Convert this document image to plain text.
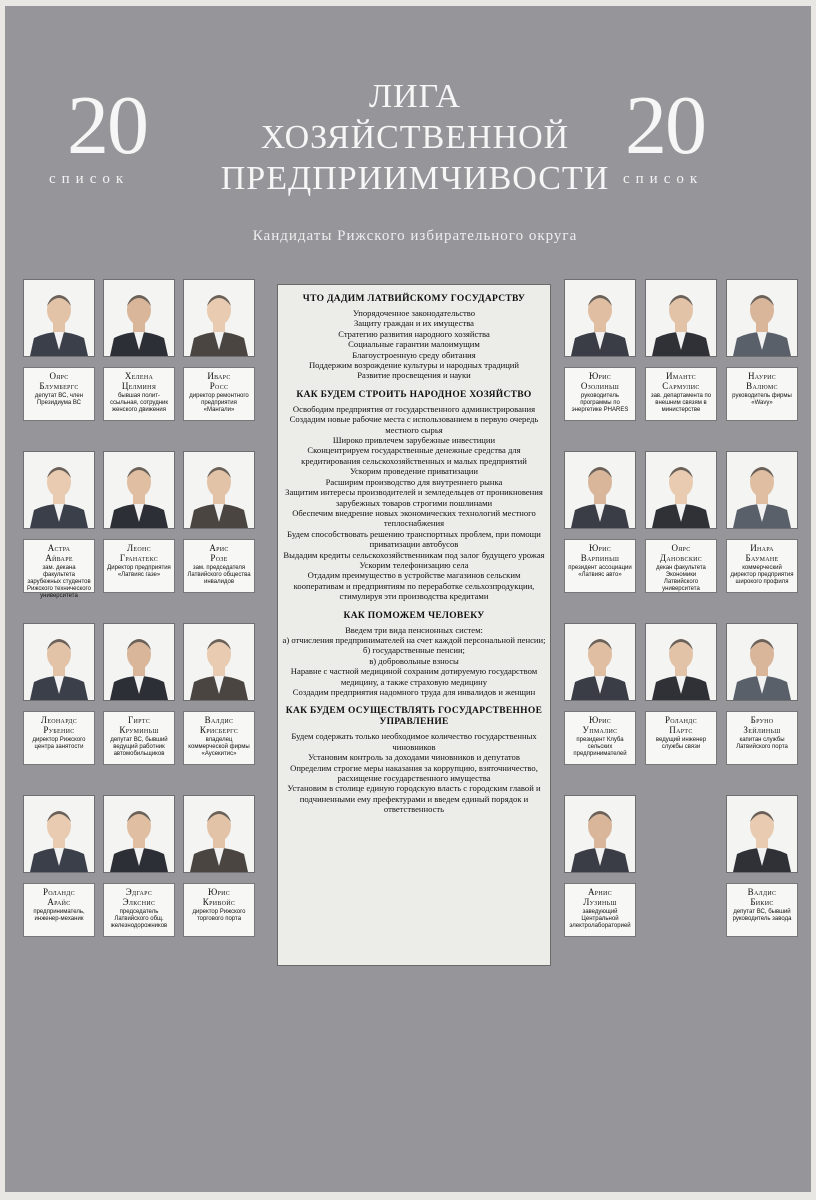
20
список
ЛИГА
ХОЗЯЙСТВЕННОЙ
ПРЕДПРИИМЧИВОСТИ
20
список
Кандидаты Рижского избирательного округа
Оярс
Блумбергс
депутат ВС, член Президиума ВС
Хелена
Целминя
бывшая полит-ссыльная, сотрудник женского движения
Иварс
Росс
директор ремонтного предприятия «Мангали»
Юрис
Озолиньш
руководитель программы по энергетике PHARES
Имантс
Сармулис
зав. департамента по внешним связям в министерстве
Наурис
Валюмс
руководитель фирмы «Wavy»
Астра
Айваре
зам. декана факультета зарубежных студентов Рижского технического университета
Леонс
Гранатекс
Директор предприятия «Латвияс газе»
Арис
Розе
зам. председателя Латвийского общества инвалидов
Юрис
Варпиньш
президент ассоциации «Латвияс авто»
Оярс
Дановскис
декан факультета Экономики Латвийского университета
Инара
Баумане
коммерческий директор предприятия широкого профиля
Леонардс
Рубенис
директор Рижского центра занятости
Гиртс
Круминьш
депутат ВС, бывший ведущий работник автомобильщиков
Валдис
Крисбергс
владелец коммерческой фирмы «Аусекитис»
Юрис
Упмалис
президент Клуба сельских предпринимателей
Роландс
Партс
ведущий инженер службы связи
Бруно
Зейлиньш
капитан службы Латвийского порта
Роландс
Арайс
предприниматель, инженер-механик
Эдгарс
Элкснис
председатель Латвийского общ. железнодорожников
Юрис
Кривойс
директор Рижского торгового порта
Арнис
Лузиньш
заведующий Центральной электролабораторией
Валдис
Бикис
депутат ВС, бывший руководитель завода
ЧТО ДАДИМ ЛАТВИЙСКОМУ ГОСУДАРСТВУ
Упорядоченное законодательство
Защиту граждан и их имущества
Стратегию развития народного хозяйства
Социальные гарантии малоимущим
Благоустроенную среду обитания
Поддержим возрождение культуры и народных традиций
Развитие просвещения и науки
КАК БУДЕМ СТРОИТЬ НАРОДНОЕ ХОЗЯЙСТВО
Освободим предприятия от государственного администрирования
Создадим новые рабочие места с использованием в первую очередь местного сырья
Широко привлечем зарубежные инвестиции
Сконцентрируем государственные денежные средства для кредитирования сельскохозяйственных и малых предприятий
Ускорим проведение приватизации
Расширим производство для внутреннего рынка
Защитим интересы производителей и земледельцев от проникновения зарубежных товаров строгими пошлинами
Обеспечим внедрение новых экономических технологий местного теплоснабжения
Будем способствовать решению транспортных проблем, при помощи приватизации автобусов
Выдадим кредиты сельскохозяйственникам под залог будущего урожая
Ускорим телефонизацию села
Отдадим преимущество в устройстве магазинов сельским кооперативам и предприятиям по переработке сельхозпродукции, стимулируя эти производства кредитами
КАК ПОМОЖЕМ ЧЕЛОВЕКУ
Введем три вида пенсионных систем:
а) отчисления предпринимателей на счет каждой персональной пенсии;
б) государственные пенсии;
в) добровольные взносы
Наравне с частной медициной сохраним дотируемую государством медицину, а также страховую медицину
Создадим предприятия надомного труда для инвалидов и женщин
КАК БУДЕМ ОСУЩЕСТВЛЯТЬ ГОСУДАРСТВЕННОЕ УПРАВЛЕНИЕ
Будем содержать только необходимое количество государственных чиновников
Установим контроль за доходами чиновников и депутатов
Определим строгие меры наказания за коррупцию, взяточничество, расхищение государственного имущества
Установим в столице единую городскую власть с городским главой и подчиненными ему префектурами и введем единый порядок и ответственность
